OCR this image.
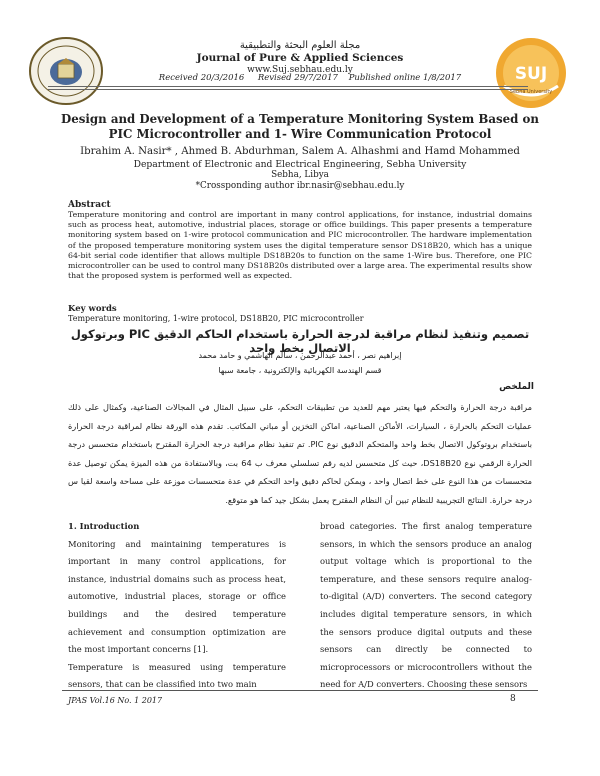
SUJ
Sebha University
مجلة العلوم البحثة والتطبيقية
Journal of Pure & Applied Sciences
www.Suj.sebhau.edu.ly
Received 20/3/2016 Revised 29/7/2017 Published online 1/8/2017
Design and Development of a Temperature Monitoring System Based on PIC Microcontroller and 1- Wire Communication Protocol
Ibrahim A. Nasir* , Ahmed B. Abdurhman, Salem A. Alhashmi and Hamd Mohammed
Department of Electronic and Electrical Engineering, Sebha University
Sebha, Libya
*Crossponding author ibr.nasir@sebhau.edu.ly
Abstract
Temperature monitoring and control are important in many control applications, for instance, industrial domains such as process heat, automotive, industrial places, storage or office buildings. This paper presents a temperature monitoring system based on 1-wire protocol communication and PIC microcontroller. The hardware implementation of the proposed temperature monitoring system uses the digital temperature sensor DS18B20, which has a unique 64-bit serial code identifier that allows multiple DS18B20s to function on the same 1-Wire bus. Therefore, one PIC microcontroller can be used to control many DS18B20s distributed over a large area. The experimental results show that the proposed system is performed well as expected.
Key words
Temperature monitoring, 1-wire protocol, DS18B20, PIC microcontroller
تصميم وتنفيذ لنظام مراقبة لدرجة الحرارة باستخدام الحاكم الدقيق PIC وبرتوكول الاتصال بخط واحد
إبراهيم نصر ، أحمد عبدالرحمن ، سالم الهاشمي و حامد محمد
قسم الهندسة الكهربائية والإلكترونية ، جامعة سبها
الملخص
مراقبة درجة الحرارة والتحكم فيها يعتبر مهم للعديد من تطبيقات التحكم، على سبيل المثال في المجالات الصناعية، وكمثال على ذلك عمليات التحكم بالحرارة ، السيارات، الأماكن الصناعية، اماكن التخزين أو مباني المكاتب. تقدم هذه الورقة نظام لمراقبة درجة الحرارة باستخدام بروتوكول الاتصال بخط واحد والمتحكم الدقيق نوع PIC. تم تنفيذ نظام مراقبة درجة الحرارة المقترح باستخدام متحسس درجة الحرارة الرقمي نوع DS18B20، حيث كل متحسس لديه رقم تسلسلي معرف ب 64 بت، وبالاستفادة من هذه الميزة يمكن توصيل عدة متحسسات من هذا النوع على خط اتصال واحد ، ويمكن لحاكم دقيق واحد التحكم في عدة متحسسات موزعة على مساحة واسعة لقيا س درجة حرارة. النتائج التجريبية للنظام تبين أن النظام المقترح يعمل بشكل جيد كما هو متوقع.

1. Introduction

Monitoring and maintaining temperatures is important in many control applications, for instance, industrial domains such as process heat, automotive, industrial places, storage or office buildings and the desired temperature achievement and consumption optimization are the most important concerns [1].

Temperature is measured using temperature sensors, that can be classified into two main

broad categories. The first analog temperature sensors, in which the sensors produce an analog output voltage which is proportional to the temperature, and these sensors require analog-to-digital (A/D) converters. The second category includes digital temperature sensors, in which the sensors produce digital outputs and these sensors can directly be connected to microprocessors or microcontrollers without the need for A/D converters. Choosing these sensors

JPAS Vol.16 No. 1 2017	8
